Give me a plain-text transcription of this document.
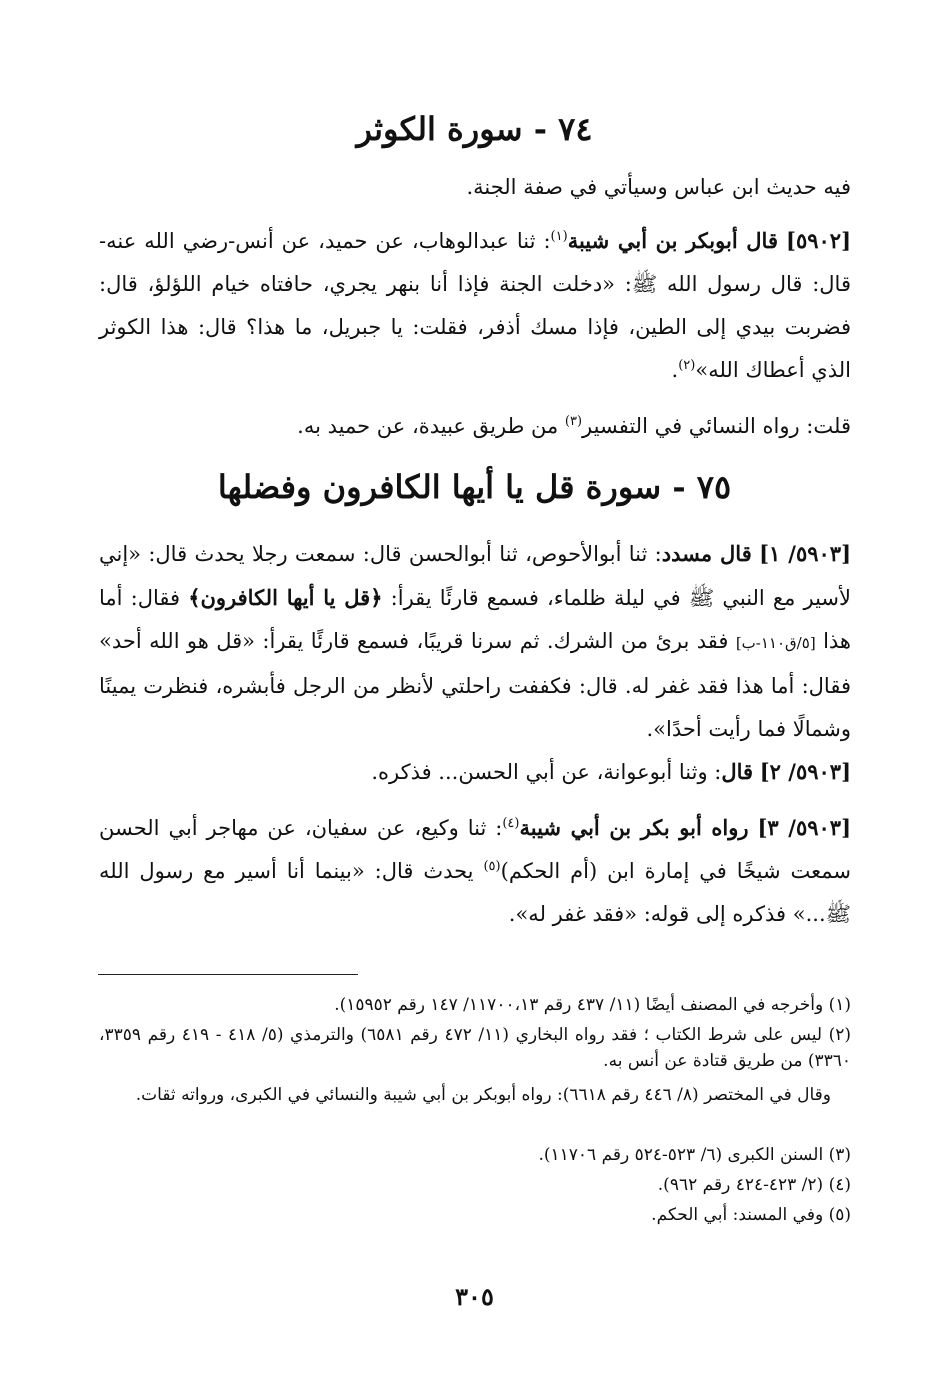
٧٤ - سورة الكوثر
فيه حديث ابن عباس وسيأتي في صفة الجنة.
[٥٩٠٢] قال أبوبكر بن أبي شيبة$^{(١)}$: ثنا عبدالوهاب، عن حميد، عن أنس-رضي الله عنه-قال: قال رسول الله ﷺ: «دخلت الجنة فإذا أنا بنهر يجري، حافتاه خيام اللؤلؤ، قال: فضربت بيدي إلى الطين، فإذا مسك أذفر، فقلت: يا جبريل، ما هذا؟ قال: هذا الكوثر الذي أعطاك الله»$^{(٢)}$.
قلت: رواه النسائي في التفسير$^{(٣)}$ من طريق عبيدة، عن حميد به.
٧٥ - سورة قل يا أيها الكافرون وفضلها
[٥٩٠٣/ ١] قال مسدد: ثنا أبوالأحوص، ثنا أبوالحسن قال: سمعت رجلا يحدث قال: «إني لأسير مع النبي ﷺ في ليلة ظلماء، فسمع قارئًا يقرأ: ﴿قل يا أيها الكافرون﴾ فقال: أما هذا [٥/ق١١٠-ب] فقد برئ من الشرك. ثم سرنا قريبًا، فسمع قارئًا يقرأ: «قل هو الله أحد» فقال: أما هذا فقد غفر له. قال: فكففت راحلتي لأنظر من الرجل فأبشره، فنظرت يمينًا وشمالًا فما رأيت أحدًا».
[٥٩٠٣/ ٢] قال: وثنا أبوعوانة، عن أبي الحسن... فذكره.
[٥٩٠٣/ ٣] رواه أبو بكر بن أبي شيبة$^{(٤)}$: ثنا وكيع، عن سفيان، عن مهاجر أبي الحسن سمعت شيخًا في إمارة ابن (أم الحكم)$^{(٥)}$ يحدث قال: «بينما أنا أسير مع رسول الله ﷺ...» فذكره إلى قوله: «فقد غفر له».
(١) وأخرجه في المصنف أيضًا (١١/ ٤٣٧ رقم ١١٧٠٠،١٣/ ١٤٧ رقم ١٥٩٥٢).
(٢) ليس على شرط الكتاب ؛ فقد رواه البخاري (١١/ ٤٧٢ رقم ٦٥٨١) والترمذي (٥/ ٤١٨ - ٤١٩ رقم ٣٣٥٩، ٣٣٦٠) من طريق قتادة عن أنس به.
وقال في المختصر (٨/ ٤٤٦ رقم ٦٦١٨): رواه أبوبكر بن أبي شيبة والنسائي في الكبرى، ورواته ثقات.
(٣) السنن الكبرى (٦/ ٥٢٣-٥٢٤ رقم ١١٧٠٦).
(٤) (٢/ ٤٢٣-٤٢٤ رقم ٩٦٢).
(٥) وفي المسند: أبي الحكم.
٣٠٥
